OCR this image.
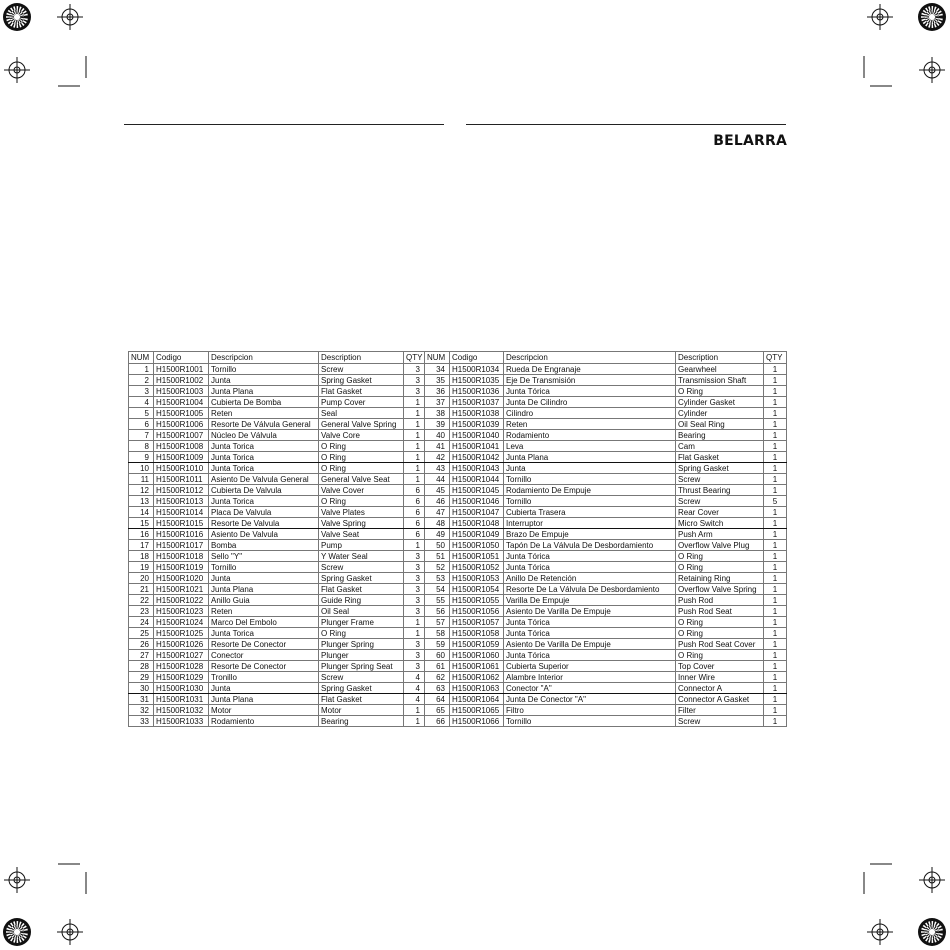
BELARRA
NUM	Codigo	Descripcion	Description	QTY	NUM	Codigo	Descripcion	Description	QTY
1	H1500R1001	Tornillo	Screw	3	34	H1500R1034	Rueda De Engranaje	Gearwheel	1
2	H1500R1002	Junta	Spring Gasket	3	35	H1500R1035	Eje De Transmisión	Transmission Shaft	1
3	H1500R1003	Junta Plana	Flat Gasket	3	36	H1500R1036	Junta Tórica	O Ring	1
4	H1500R1004	Cubierta De Bomba	Pump Cover	1	37	H1500R1037	Junta De Cilindro	Cylinder Gasket	1
5	H1500R1005	Reten	Seal	1	38	H1500R1038	Cilindro	Cylinder	1
6	H1500R1006	Resorte De Válvula General	General Valve Spring	1	39	H1500R1039	Reten	Oil Seal Ring	1
7	H1500R1007	Núcleo De Válvula	Valve Core	1	40	H1500R1040	Rodamiento	Bearing	1
8	H1500R1008	Junta Torica	O Ring	1	41	H1500R1041	Leva	Cam	1
9	H1500R1009	Junta Torica	O Ring	1	42	H1500R1042	Junta Plana	Flat Gasket	1
10	H1500R1010	Junta Torica	O Ring	1	43	H1500R1043	Junta	Spring Gasket	1
11	H1500R1011	Asiento De Valvula General	General Valve Seat	1	44	H1500R1044	Tornillo	Screw	1
12	H1500R1012	Cubierta De Valvula	Valve Cover	6	45	H1500R1045	Rodamiento De Empuje	Thrust Bearing	1
13	H1500R1013	Junta Torica	O Ring	6	46	H1500R1046	Tornillo	Screw	5
14	H1500R1014	Placa De Valvula	Valve Plates	6	47	H1500R1047	Cubierta Trasera	Rear Cover	1
15	H1500R1015	Resorte De Valvula	Valve Spring	6	48	H1500R1048	Interruptor	Micro Switch	1
16	H1500R1016	Asiento De Valvula	Valve Seat	6	49	H1500R1049	Brazo De Empuje	Push Arm	1
17	H1500R1017	Bomba	Pump	1	50	H1500R1050	Tapón De La Válvula De Desbordamiento	Overflow Valve Plug	1
18	H1500R1018	Sello "Y"	Y Water Seal	3	51	H1500R1051	Junta Tórica	O Ring	1
19	H1500R1019	Tornillo	Screw	3	52	H1500R1052	Junta Tórica	O Ring	1
20	H1500R1020	Junta	Spring Gasket	3	53	H1500R1053	Anillo De Retención	Retaining Ring	1
21	H1500R1021	Junta Plana	Flat Gasket	3	54	H1500R1054	Resorte De La Válvula De Desbordamiento	Overflow Valve Spring	1
22	H1500R1022	Anillo Guia	Guide Ring	3	55	H1500R1055	Varilla De Empuje	Push Rod	1
23	H1500R1023	Reten	Oil Seal	3	56	H1500R1056	Asiento De Varilla De Empuje	Push Rod Seat	1
24	H1500R1024	Marco Del Embolo	Plunger Frame	1	57	H1500R1057	Junta Tórica	O Ring	1
25	H1500R1025	Junta Torica	O Ring	1	58	H1500R1058	Junta Tórica	O Ring	1
26	H1500R1026	Resorte De Conector	Plunger Spring	3	59	H1500R1059	Asiento De Varilla De Empuje	Push Rod Seat Cover	1
27	H1500R1027	Conector	Plunger	3	60	H1500R1060	Junta Tórica	O Ring	1
28	H1500R1028	Resorte De Conector	Plunger Spring Seat	3	61	H1500R1061	Cubierta Superior	Top Cover	1
29	H1500R1029	Tronillo	Screw	4	62	H1500R1062	Alambre Interior	Inner Wire	1
30	H1500R1030	Junta	Spring Gasket	4	63	H1500R1063	Conector "A"	Connector A	1
31	H1500R1031	Junta Plana	Flat Gasket	4	64	H1500R1064	Junta De Conector "A"	Connector A Gasket	1
32	H1500R1032	Motor	Motor	1	65	H1500R1065	Filtro	Filter	1
33	H1500R1033	Rodamiento	Bearing	1	66	H1500R1066	Tornillo	Screw	1
